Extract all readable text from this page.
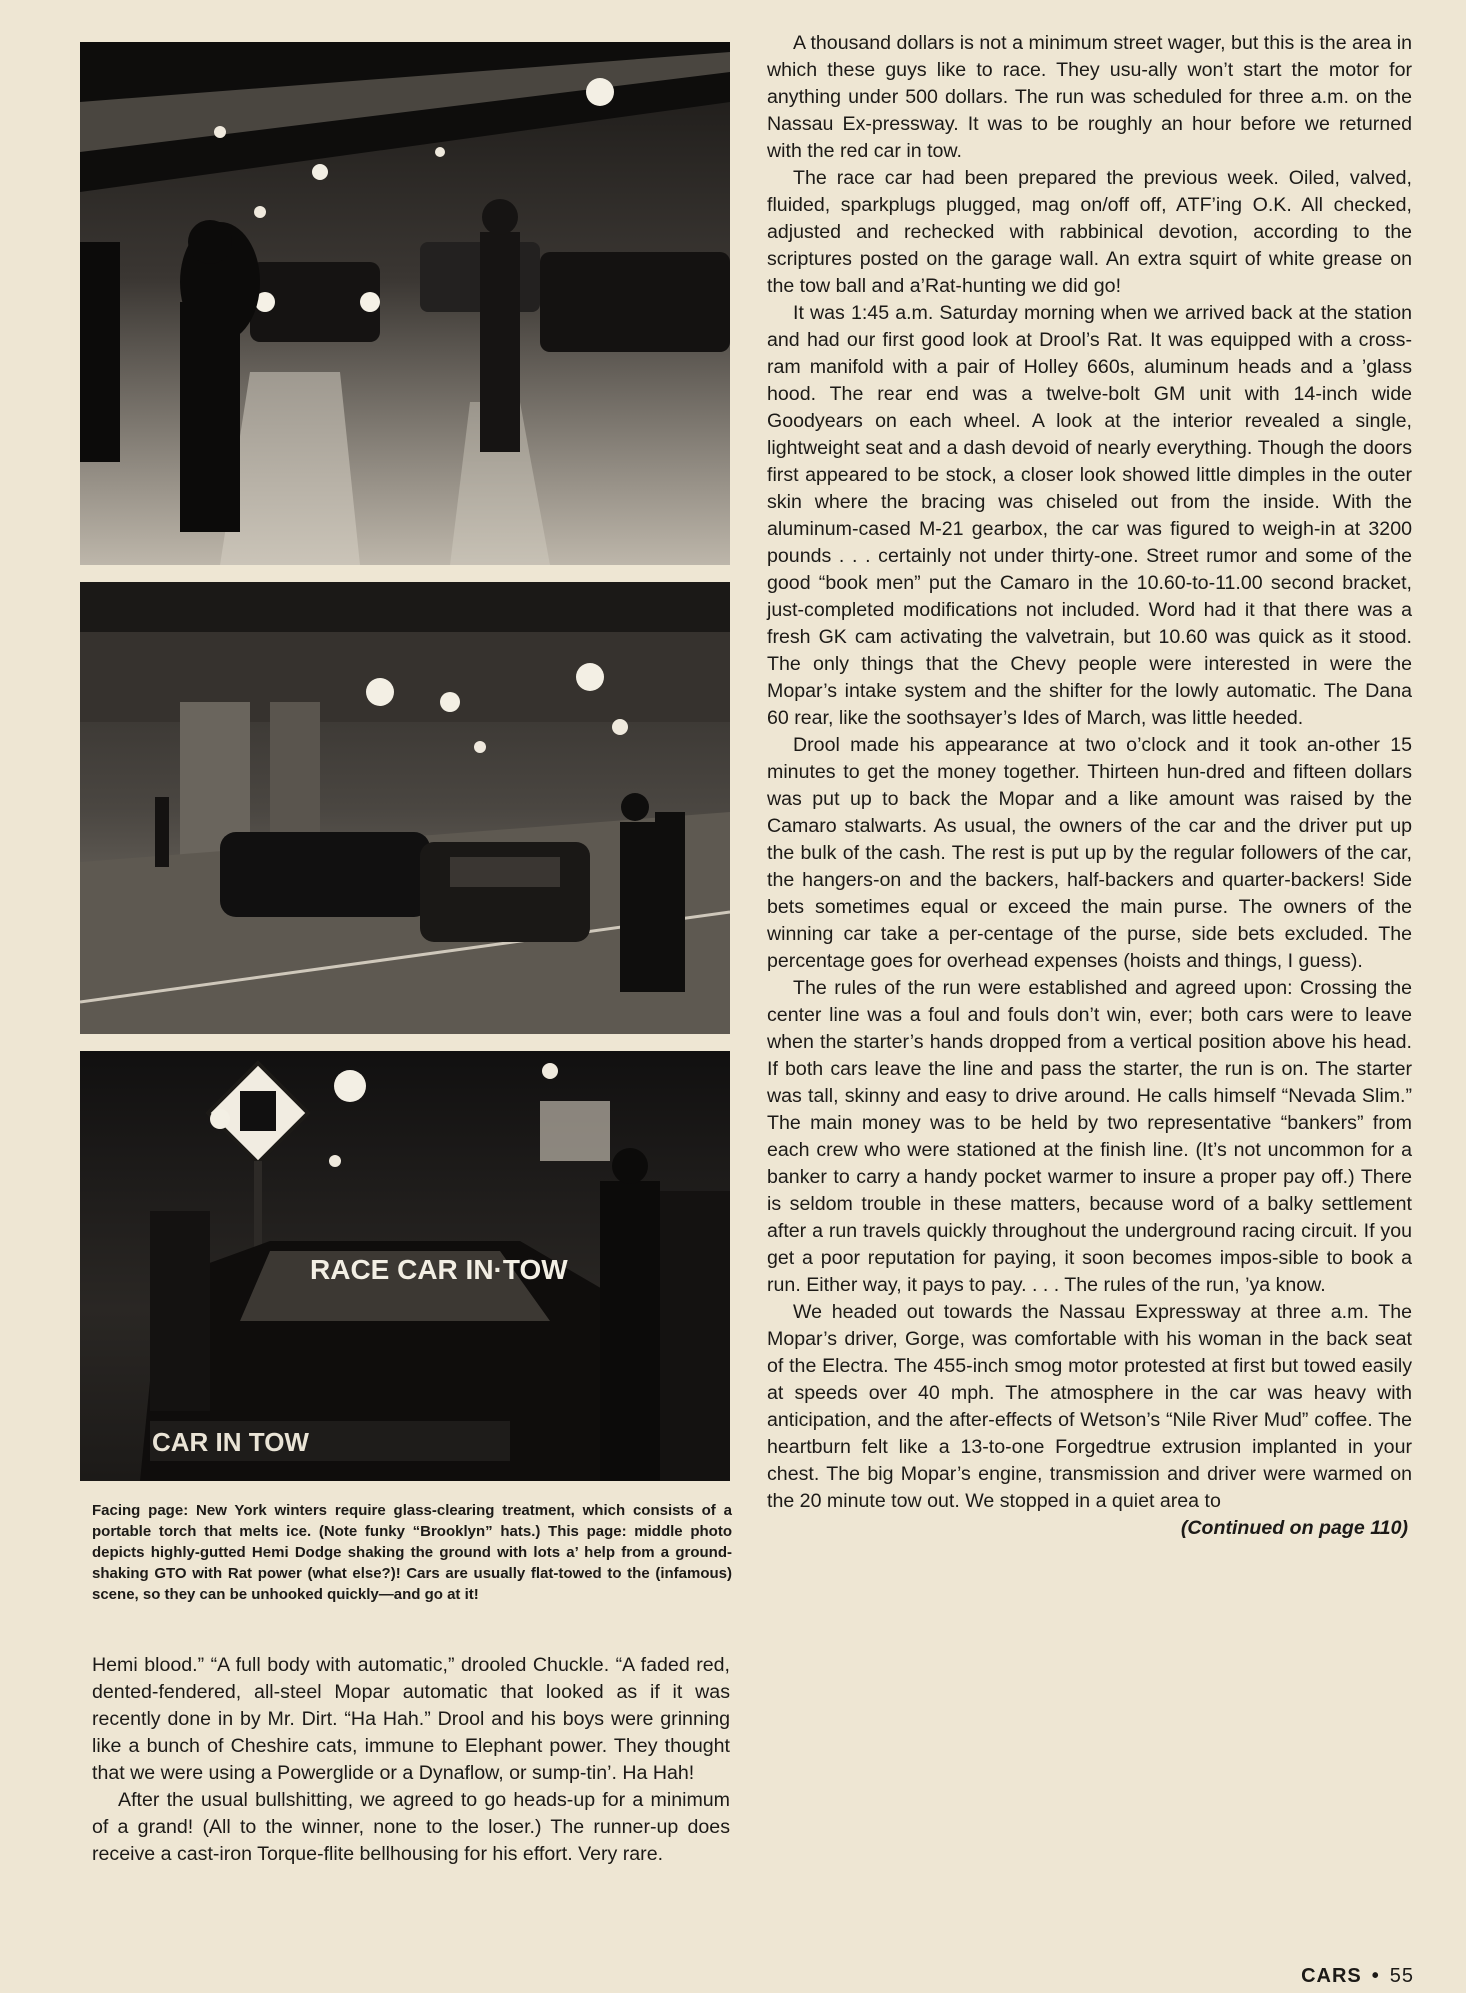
RACE CAR IN·TOW
CAR IN TOW

Facing page: New York winters require glass-clearing treatment, which consists of a portable torch that melts ice. (Note funky “Brooklyn” hats.) This page: middle photo depicts highly-gutted Hemi Dodge shaking the ground with lots a’ help from a ground-shaking GTO with Rat power (what else?)! Cars are usually flat-towed to the (infamous) scene, so they can be unhooked quickly—and go at it!

Hemi blood.” “A full body with automatic,” drooled Chuckle. “A faded red, dented-fendered, all-steel Mopar automatic that looked as if it was recently done in by Mr. Dirt. “Ha Hah.” Drool and his boys were grinning like a bunch of Cheshire cats, immune to Elephant power. They thought that we were using a Powerglide or a Dynaflow, or sump-tin’. Ha Hah!

After the usual bullshitting, we agreed to go heads-up for a minimum of a grand! (All to the winner, none to the loser.) The runner-up does receive a cast-iron Torque-flite bellhousing for his effort. Very rare.

A thousand dollars is not a minimum street wager, but this is the area in which these guys like to race. They usu-ally won’t start the motor for anything under 500 dollars. The run was scheduled for three a.m. on the Nassau Ex-pressway. It was to be roughly an hour before we returned with the red car in tow.

The race car had been prepared the previous week. Oiled, valved, fluided, sparkplugs plugged, mag on/off off, ATF’ing O.K. All checked, adjusted and rechecked with rabbinical devotion, according to the scriptures posted on the garage wall. An extra squirt of white grease on the tow ball and a’Rat-hunting we did go!

It was 1:45 a.m. Saturday morning when we arrived back at the station and had our first good look at Drool’s Rat. It was equipped with a cross-ram manifold with a pair of Holley 660s, aluminum heads and a ’glass hood. The rear end was a twelve-bolt GM unit with 14-inch wide Goodyears on each wheel. A look at the interior revealed a single, lightweight seat and a dash devoid of nearly everything. Though the doors first appeared to be stock, a closer look showed little dimples in the outer skin where the bracing was chiseled out from the inside. With the aluminum-cased M-21 gearbox, the car was figured to weigh-in at 3200 pounds . . . certainly not under thirty-one. Street rumor and some of the good “book men” put the Camaro in the 10.60-to-11.00 second bracket, just-completed modifications not included. Word had it that there was a fresh GK cam activating the valvetrain, but 10.60 was quick as it stood. The only things that the Chevy people were interested in were the Mopar’s intake system and the shifter for the lowly automatic. The Dana 60 rear, like the soothsayer’s Ides of March, was little heeded.

Drool made his appearance at two o’clock and it took an-other 15 minutes to get the money together. Thirteen hun-dred and fifteen dollars was put up to back the Mopar and a like amount was raised by the Camaro stalwarts. As usual, the owners of the car and the driver put up the bulk of the cash. The rest is put up by the regular followers of the car, the hangers-on and the backers, half-backers and quarter-backers! Side bets sometimes equal or exceed the main purse. The owners of the winning car take a per-centage of the purse, side bets excluded. The percentage goes for overhead expenses (hoists and things, I guess).

The rules of the run were established and agreed upon: Crossing the center line was a foul and fouls don’t win, ever; both cars were to leave when the starter’s hands dropped from a vertical position above his head. If both cars leave the line and pass the starter, the run is on. The starter was tall, skinny and easy to drive around. He calls himself “Nevada Slim.” The main money was to be held by two representative “bankers” from each crew who were stationed at the finish line. (It’s not uncommon for a banker to carry a handy pocket warmer to insure a proper pay off.) There is seldom trouble in these matters, because word of a balky settlement after a run travels quickly throughout the underground racing circuit. If you get a poor reputation for paying, it soon becomes impos-sible to book a run. Either way, it pays to pay. . . . The rules of the run, ’ya know.

We headed out towards the Nassau Expressway at three a.m. The Mopar’s driver, Gorge, was comfortable with his woman in the back seat of the Electra. The 455-inch smog motor protested at first but towed easily at speeds over 40 mph. The atmosphere in the car was heavy with anticipation, and the after-effects of Wetson’s “Nile River Mud” coffee. The heartburn felt like a 13-to-one Forgedtrue extrusion implanted in your chest. The big Mopar’s engine, transmission and driver were warmed on the 20 minute tow out. We stopped in a quiet area to

(Continued on page 110)
CARS • 55
